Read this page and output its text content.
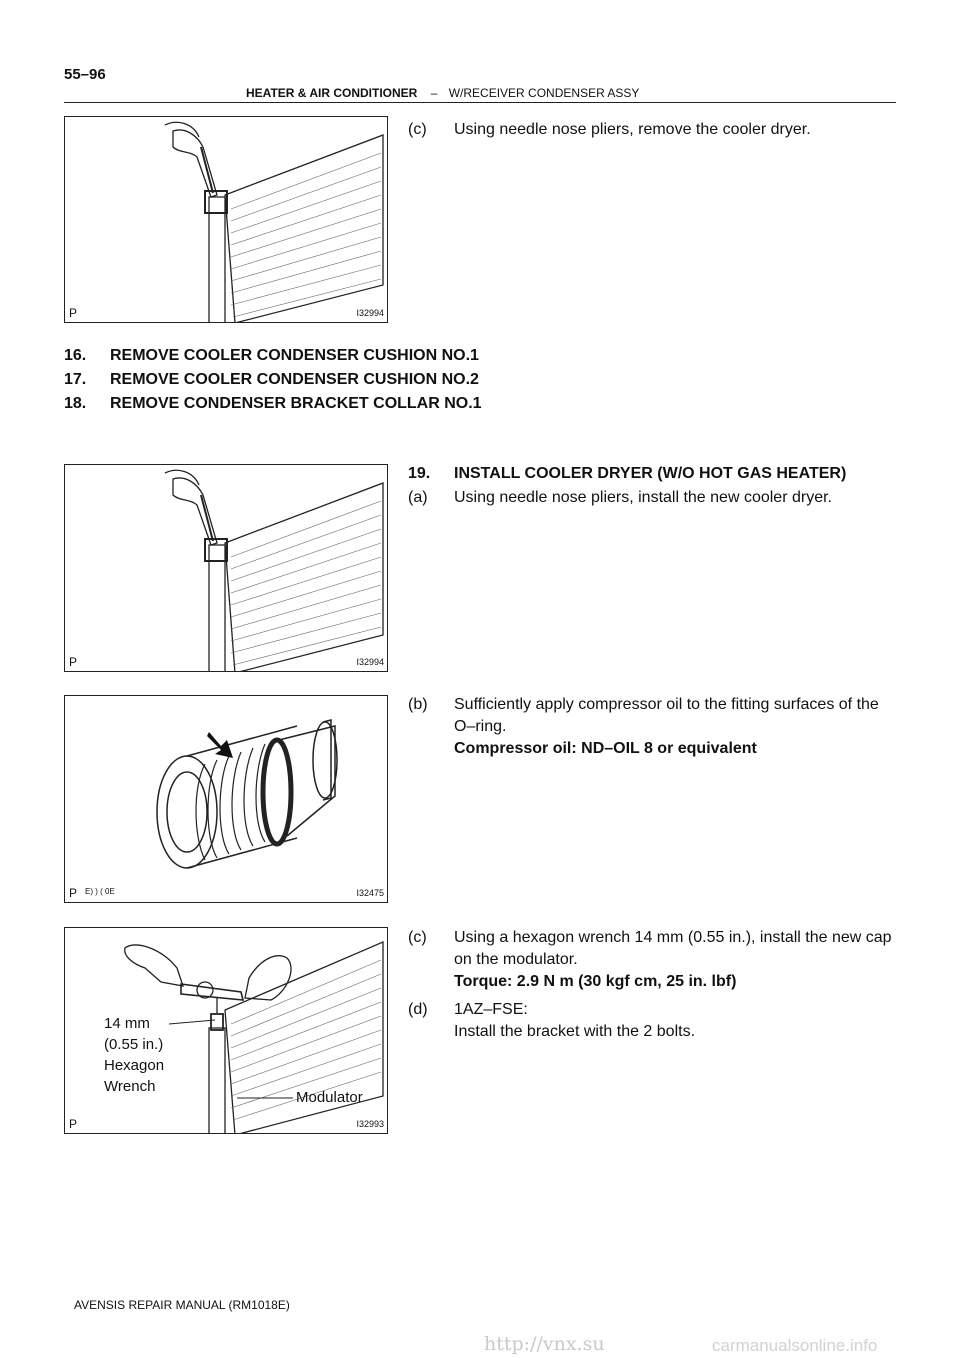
55–96
HEATER & AIR CONDITIONER – W/RECEIVER CONDENSER ASSY
P	I32994
(c) Using needle nose pliers, remove the cooler dryer.
16. REMOVE COOLER CONDENSER CUSHION NO.1
17. REMOVE COOLER CONDENSER CUSHION NO.2
18. REMOVE CONDENSER BRACKET COLLAR NO.1
P	I32994
19. INSTALL COOLER DRYER (W/O HOT GAS HEATER)
(a) Using needle nose pliers, install the new cooler dryer.
P E) ) ( 0E	I32475
(b) Sufficiently apply compressor oil to the fitting surfaces of the O–ring.
Compressor oil: ND–OIL 8 or equivalent
P	I32993
14 mm
(0.55 in.)
Hexagon
Wrench
Modulator
(c) Using a hexagon wrench 14 mm (0.55 in.), install the new cap on the modulator.
Torque: 2.9 N m (30 kgf cm, 25 in. lbf)
(d) 1AZ–FSE:
Install the bracket with the 2 bolts.
AVENSIS REPAIR MANUAL (RM1018E)
http://vnx.su	carmanualsonline.info
